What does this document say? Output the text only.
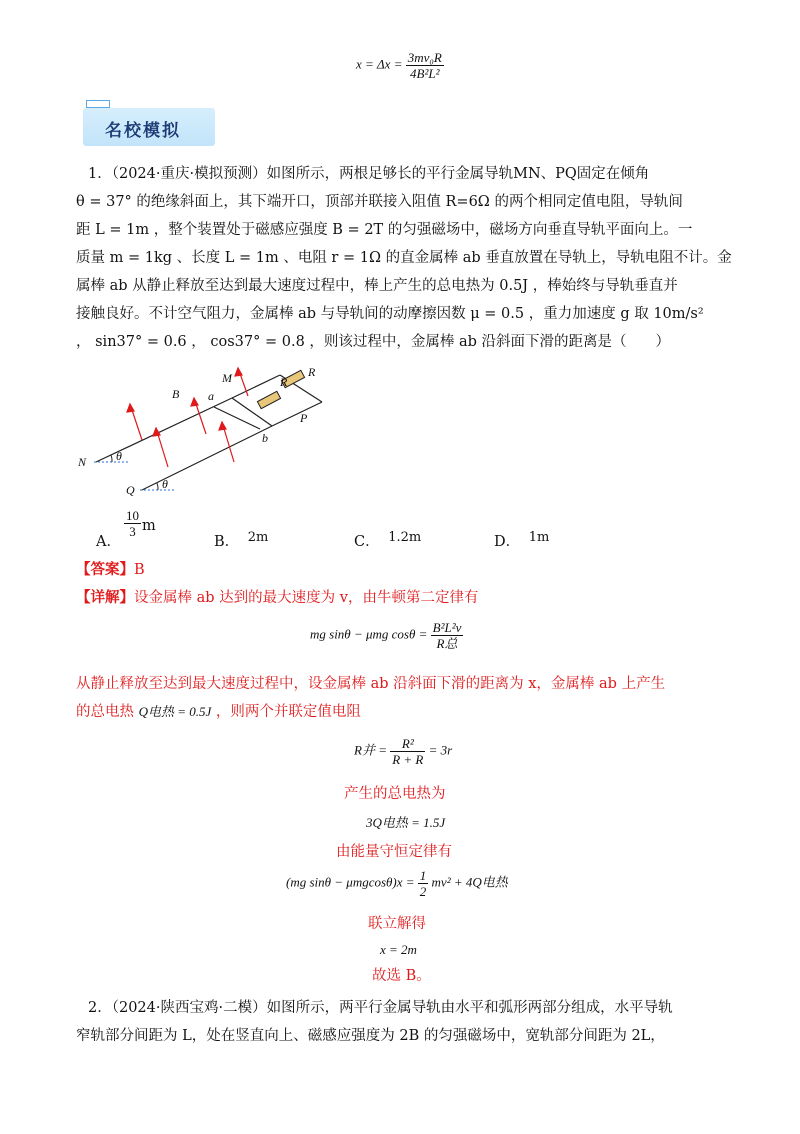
$x = \Delta x = \frac{\text{3mv₀R}}{\text{4B²L²}}$
名校模拟
1．（2024·重庆·模拟预测）如图所示，两根足够长的平行金属导轨MN、PQ固定在倾角
θ = 37° 的绝缘斜面上，其下端开口，顶部并联接入阻值 R=6Ω 的两个相同定值电阻，导轨间
距 L = 1m ，整个装置处于磁感应强度 B = 2T 的匀强磁场中，磁场方向垂直导轨平面向上。一
质量 m = 1kg 、长度 L = 1m 、电阻 r = 1Ω 的直金属棒 ab 垂直放置在导轨上，导轨电阻不计。金
属棒 ab 从静止释放至达到最大速度过程中，棒上产生的总电热为 0.5J ，棒始终与导轨垂直并
接触良好。不计空气阻力，金属棒 ab 与导轨间的动摩擦因数 μ = 0.5 ，重力加速度 g 取 10m/s²
， sin37° = 0.6 ， cos37° = 0.8 ，则该过程中，金属棒 ab 沿斜面下滑的距离是（　　）
M	R
R
a
b
P
B
N
Q
θ
θ
A．
$\frac{10}{3}$ m
B． 2m	C． 1.2m	D． 1m
【答案】B
【详解】设金属棒 ab 达到的最大速度为 v，由牛顿第二定律有
mg sinθ − μmg $\cos\theta = \frac{\text{B²L²v}}{\text{R总}}$
从静止释放至达到最大速度过程中，设金属棒 ab 沿斜面下滑的距离为 x，金属棒 ab 上产生
的总电热 Q电热 = 0.5J ，则两个并联定值电阻
R并 = $\frac{\text{R²}}{R + R} = 3r$
产生的总电热为
3Q电热 = 1.5J
由能量守恒定律有
(mg $\sin\theta - \mu mgcos\theta)x = \frac{1}{2} mv^2 + 4Q$电热
联立解得
x = 2m
故选 B。
2．（2024·陕西宝鸡·二模）如图所示，两平行金属导轨由水平和弧形两部分组成，水平导轨
窄轨部分间距为 L，处在竖直向上、磁感应强度为 2B 的匀强磁场中，宽轨部分间距为 2L，
